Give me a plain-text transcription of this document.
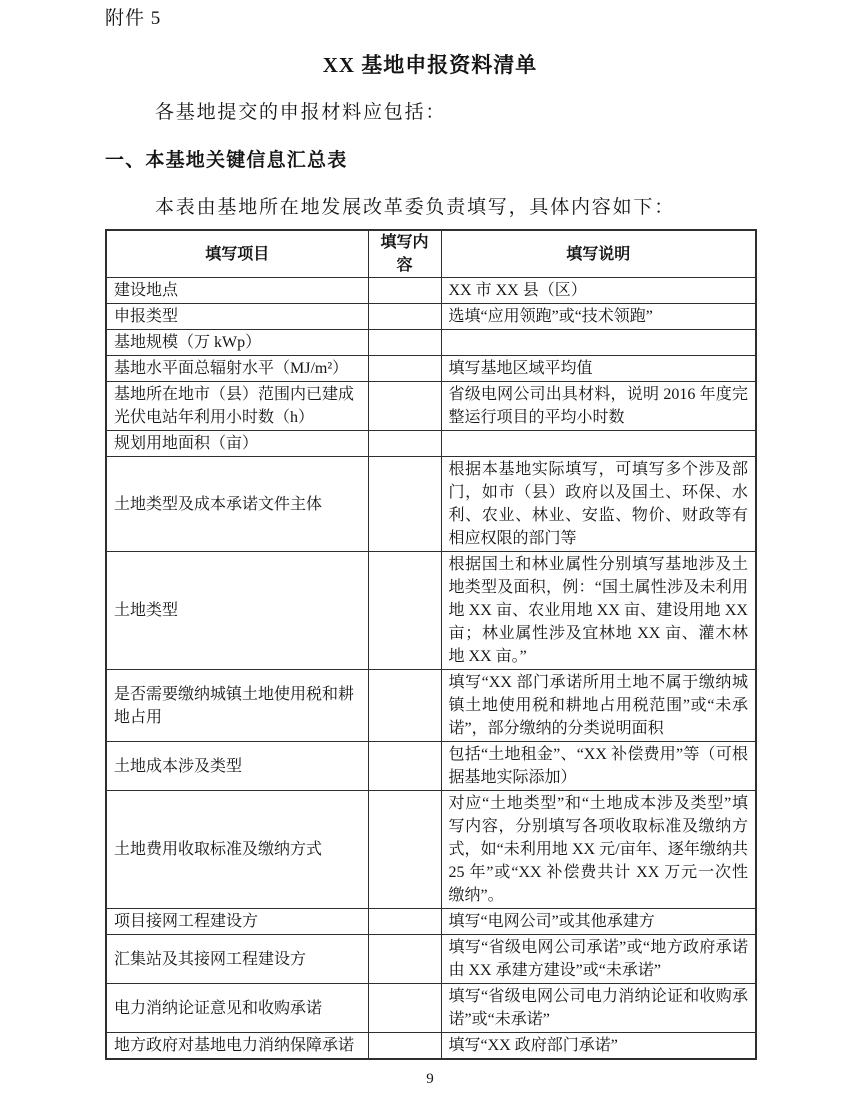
附件 5
XX 基地申报资料清单
各基地提交的申报材料应包括：
一、本基地关键信息汇总表
本表由基地所在地发展改革委负责填写，具体内容如下：
填写项目	填写内容	填写说明
建设地点		XX 市 XX 县（区）
申报类型		选填“应用领跑”或“技术领跑”
基地规模（万 kWp）		
基地水平面总辐射水平（MJ/m²）		填写基地区域平均值
基地所在地市（县）范围内已建成光伏电站年利用小时数（h）		省级电网公司出具材料，说明 2016 年度完整运行项目的平均小时数
规划用地面积（亩）		
土地类型及成本承诺文件主体		根据本基地实际填写，可填写多个涉及部门，如市（县）政府以及国土、环保、水利、农业、林业、安监、物价、财政等有相应权限的部门等
土地类型		根据国土和林业属性分别填写基地涉及土地类型及面积，例：“国土属性涉及未利用地 XX 亩、农业用地 XX 亩、建设用地 XX 亩；林业属性涉及宜林地 XX 亩、灌木林地 XX 亩。”
是否需要缴纳城镇土地使用税和耕地占用		填写“XX 部门承诺所用土地不属于缴纳城镇土地使用税和耕地占用税范围”或“未承诺”，部分缴纳的分类说明面积
土地成本涉及类型		包括“土地租金”、“XX 补偿费用”等（可根据基地实际添加）
土地费用收取标准及缴纳方式		对应“土地类型”和“土地成本涉及类型”填写内容，分别填写各项收取标准及缴纳方式，如“未利用地 XX 元/亩年、逐年缴纳共 25 年”或“XX 补偿费共计 XX 万元一次性缴纳”。
项目接网工程建设方		填写“电网公司”或其他承建方
汇集站及其接网工程建设方		填写“省级电网公司承诺”或“地方政府承诺由 XX 承建方建设”或“未承诺”
电力消纳论证意见和收购承诺		填写“省级电网公司电力消纳论证和收购承诺”或“未承诺”
地方政府对基地电力消纳保障承诺		填写“XX 政府部门承诺”
9
